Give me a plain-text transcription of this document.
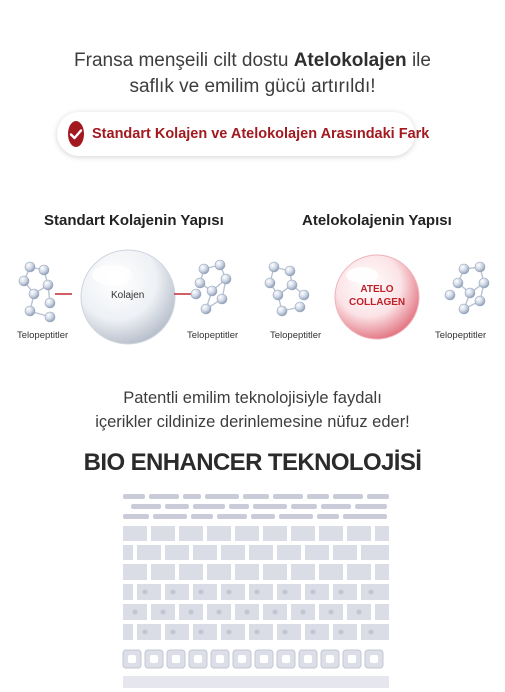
Fransa menşeili cilt dostu Atelokolajen ile
saflık ve emilim gücü artırıldı!
Standart Kolajen ve Atelokolajen Arasındaki Fark
Standart Kolajenin Yapısı	Atelokolajenin Yapısı
Kolajen
ATELO
COLLAGEN
Telopeptitler	Telopeptitler	Telopeptitler	Telopeptitler
Patentli emilim teknolojisiyle faydalı
içerikler cildinize derinlemesine nüfuz eder!
BIO ENHANCER TEKNOLOJİSİ
